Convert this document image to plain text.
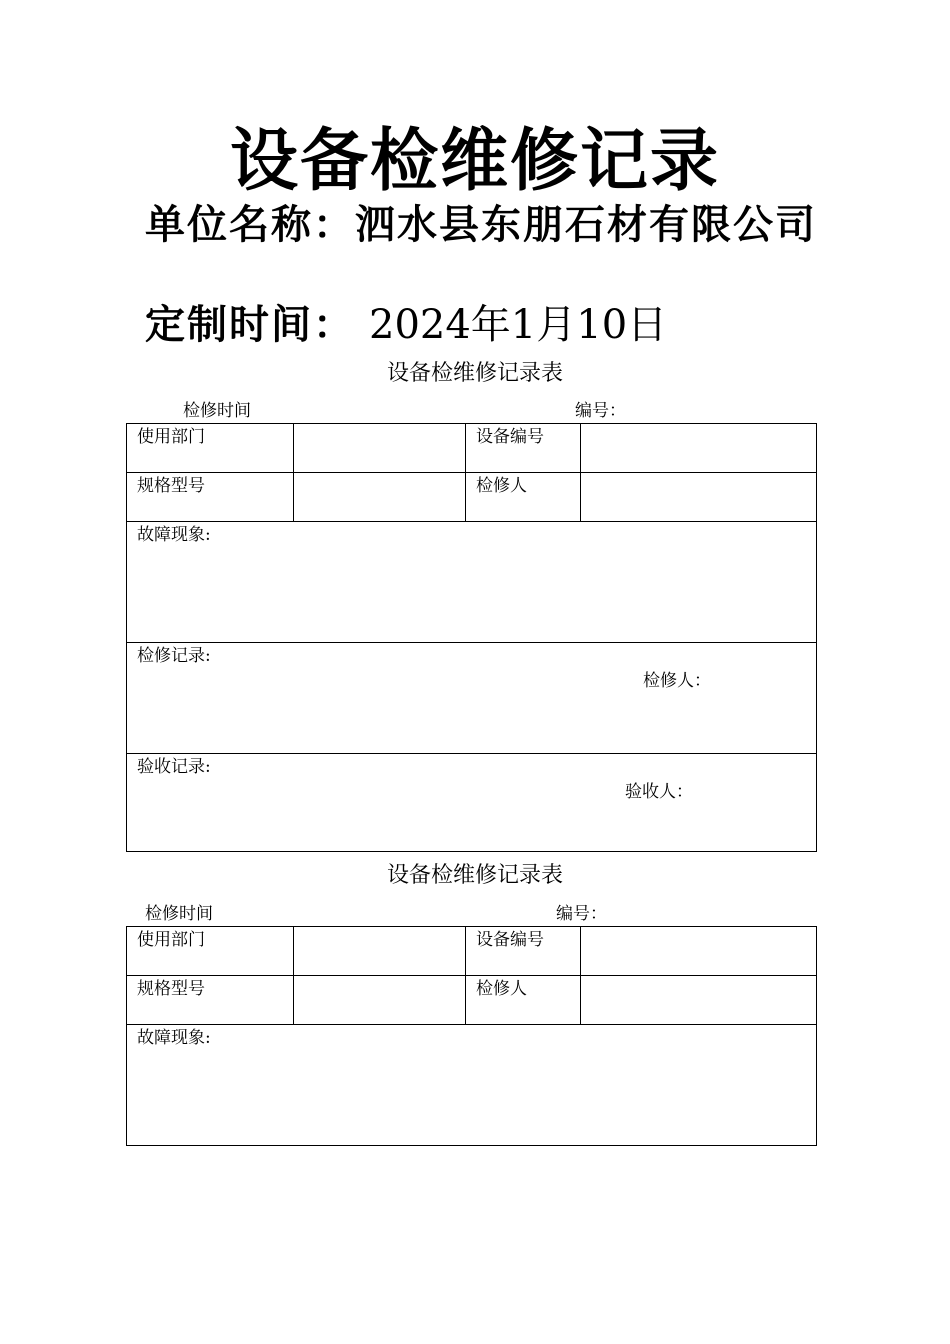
设备检维修记录
单位名称：泗水县东朋石材有限公司
定制时间： 2024年1月10日
设备检维修记录表
检修时间	编号：
使用部门		设备编号	
规格型号		检修人	
故障现象:			
检修记录:
检修人：			

验收记录:
验收人：			
设备检维修记录表
检修时间	编号：
使用部门		设备编号	
规格型号		检修人	
故障现象:			
